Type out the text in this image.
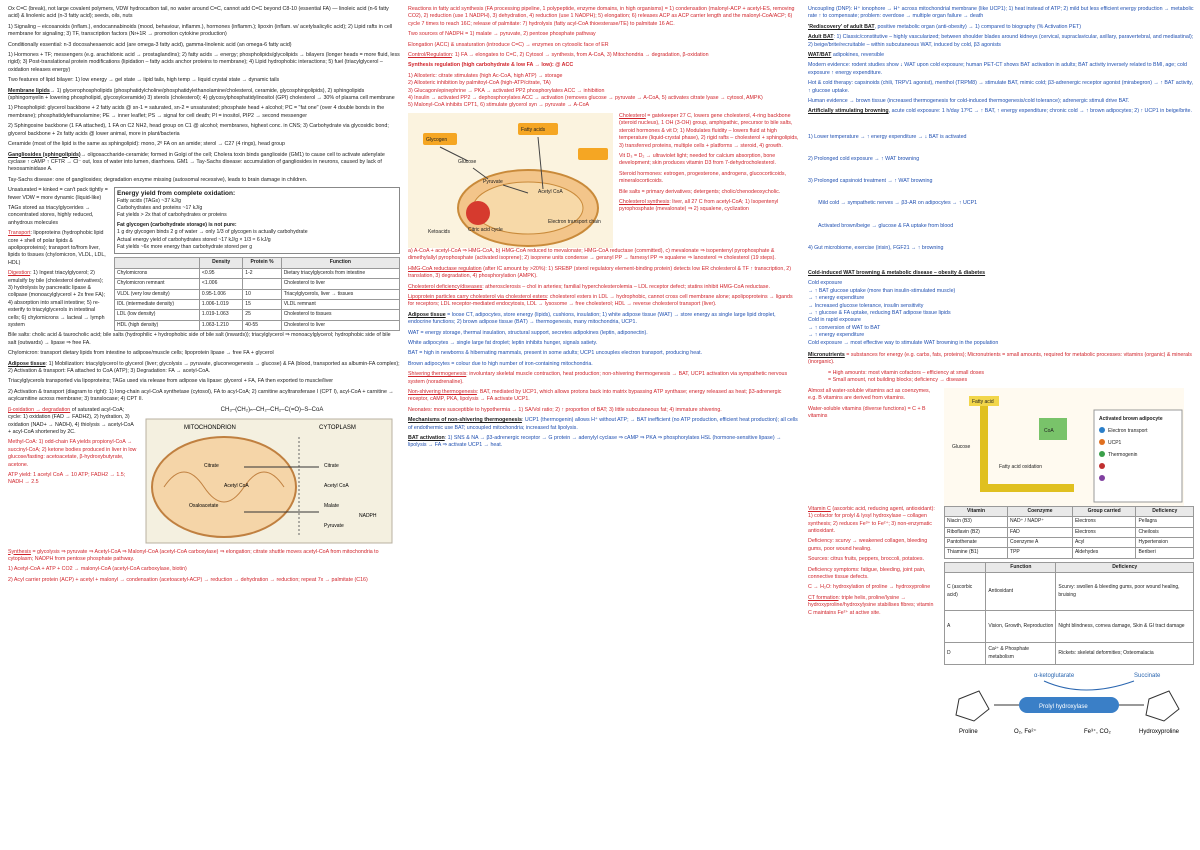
Ox C=C (break), not large covalent polymers, VDW hydrocarbon tail, no water around C=C, cannot add C=C beyond C8-10 (essential FA) — linoleic acid (n-6 fatty acid) & linolenic acid (n-3 fatty acid); seeds, oils, nuts

1) Signaling – eicosanoids (inflam.), endocannabinoids (mood, behaviour, inflamm.), hormones (inflamm.); lipoxin (inflam. w/ acetylsalicylic acid); 2) Lipid rafts in cell membrane for signaling; 3) TF, transcription factors (Nr+1R → promotion cytokine production)

Conditionally essential: n-3 docosahexaenoic acid (are omega-3 fatty acid), gamma-linolenic acid (an omega-6 fatty acid)

1) Hormones + TF; messengers (e.g. arachidonic acid → prostaglandins); 2) fatty acids → energy; phospholipids/glycolipids → bilayers (longer heads = more fluid, less rigid); 3) Post-translational protein modifications (lipidation – fatty acids anchor proteins to membrane); 4) Lipid hydrophobic interactions; 5) fuel (triacylglycerol – oxidation releases energy)

Two features of lipid bilayer: 1) low energy → gel state → lipid tails, high temp → liquid crystal state → dynamic tails

Membrane lipids→ 1) glycerophospholipids (phosphatidylcholine/phosphatidylethanolamine/cholesterol, ceramide, glycosphingolipids), 2) sphingolipids (sphingomyelin + lowering phospholipid, glycosylceramide) 3) sterols (cholesterol); 4) glycosylphosphatidylinositol (GPI) cholesterol → 30% of plasma cell membrane

1) Phospholipid: glycerol backbone + 2 fatty acids @ sn-1 = saturated, sn-2 = unsaturated; phosphate head + alcohol; PC = "fat one" (over 4 double bonds in the membrane); phosphatidylethanolamine; PE → inner leaflet; PS → signal for cell death; PI = inositol, PIP2 → second messenger

2) Sphingosine backbone (1 FA attached), 1 FA on C2 NH2, head group on C1 @ alcohol; membranes, highest conc. in CNS; 3) Carbohydrate via glycosidic bond; glycerol backbone + 2x fatty acids @ lower animal, more in plant/bacteria

Ceramide (most of the lipid is the same as sphingolipid): mono, 2º FA on an amide; sterol → C27 (4 rings), head group

Gangliosides (sphingolipids)→ oligosaccharide-ceramide; formed in Golgi of the cell; Cholera toxin binds ganglioside (GM1) to cause cell to activate adenylate cyclase ↑ cAMP ↑ CFTR → Cl⁻ out, loss of water into lumen, diarrhoea. GM1 → Tay-Sachs disease: accumulation of gangliosides in neurons, caused by lack of hexosaminidase A.

Tay-Sachs disease: one of gangliosides; degradation enzyme missing (autosomal recessive), leads to brain damage in children.

Unsaturated = kinked = can't pack tightly = fewer VDW = more dynamic (liquid-like)

TAGs stored as triacylglycerides → concentrated stores, highly reduced, anhydrous molecules

Transport: lipoproteins (hydrophobic lipid core + shell of polar lipids & apolipoproteins); transport to/from liver, lipids to tissues (chylomicron, VLDL, LDL, HDL)

Digestion: 1) Ingest triacylglycerol; 2) emulsify by bile (cholesterol derivatives); 3) hydrolysis by pancreatic lipase & colipase (monoacylglycerol + 2x free FA); 4) absorption into small intestine; 5) re-esterify to triacylglycerols in intestinal cells; 6) chylomicrons → lacteal → lymph system

Energy yield from complete oxidation:
Fatty acids (TAGs) ~37 kJ/g
Carbohydrates and proteins ~17 kJ/g
Fat yields > 2x that of carbohydrates or proteins
Fat glycogen (carbohydrate storage) is not pure:
1 g dry glycogen binds 2 g of water → only 1/3 of glycogen is actually carbohydrate
Actual energy yield of carbohydrates stored ~17 kJ/g × 1/3 ≈ 6 kJ/g
Fat yields ~6x more energy than carbohydrate stored per g
	Density	Protein %	Function
Chylomicrons	<0.95	1-2	Dietary triacylglycerols from intestine
Chylomicron remnant	<1.006		Cholesterol to liver
VLDL (very low density)	0.95-1.006	10	Triacylglycerols, liver → tissues
IDL (intermediate density)	1.006-1.019	15	VLDL remnant
LDL (low density)	1.019-1.063	25	Cholesterol to tissues
HDL (high density)	1.063-1.210	40-55	Cholesterol to liver

Bile salts: cholic acid & taurocholic acid; bile salts (hydrophilic + hydrophobic side of bile salt (inwards)); triacylglycerol ⇒ monoacylglycerol; hydrophobic side of bile salt (outwards) → lipase ⇒ free FA.

Chylomicron: transport dietary lipids from intestine to adipose/muscle cells; lipoprotein lipase → free FA + glycerol

Adipose tissue: 1) Mobilization: triacylglycerol to glycerol (liver; glycolysis → pyruvate, gluconeogenesis → glucose) & FA (blood, transported as albumin-FA complex); 2) Activation & transport: FA attached to CoA (ATP); 3) Degradation: FA → acetyl-CoA.

Triacylglycerols transported via lipoproteins; TAGs used via release from adipose via lipase: glycerol + FA, FA then exported to muscle/liver

2) Activation & transport (diagram to right): 1) long-chain acyl-CoA synthetase (cytosol), FA to acyl-CoA; 2) carnitine acyltransferase I (CPT I), acyl-CoA + carnitine → acylcarnitine across membrane; 3) translocase; 4) CPT II.

β-oxidation → degradation of saturated acyl-CoA; cycle: 1) oxidation (FAD → FADH2), 2) hydration, 3) oxidation (NAD+ → NADH), 4) thiolysis → acetyl-CoA + acyl-CoA shortened by 2C.

Methyl-CoA: 1) odd-chain FA yields propionyl-CoA → succinyl-CoA; 2) ketone bodies produced in liver in low glucose/fasting: acetoacetate, β-hydroxybutyrate, acetone.

ATP yield: 1 acetyl CoA → 10 ATP; FADH2 → 1.5; NADH → 2.5

CH₃–(CH₂)ₙ–CH₂–CH₂–C(=O)–S–CoA
MITOCHONDRION	CYTOPLASM
Citrate
Oxaloacetate
Acetyl CoA
Citrate
Acetyl CoA
Malate
Pyruvate
NADPH

Synthesis = glycolysis ⇒ pyruvate ⇒ Acetyl-CoA ⇒ Malonyl-CoA (acetyl-CoA carboxylase) ⇒ elongation; citrate shuttle moves acetyl-CoA from mitochondria to cytoplasm; NADPH from pentose phosphate pathway.

1) Acetyl-CoA + ATP + CO2 → malonyl-CoA (acetyl-CoA carboxylase, biotin)

2) Acyl carrier protein (ACP) + acetyl + malonyl → condensation (acetoacetyl-ACP) → reduction → dehydration → reduction; repeat 7x → palmitate (C16)

Reactions in fatty acid synthesis (FA processing pipeline, 1 polypeptide, enzyme domains, in high organisms) = 1) condensation (malonyl-ACP + acetyl-ES, removing CO2), 2) reduction (use 1 NADPH), 3) dehydration, 4) reduction (use 1 NADPH); 5) elongation; 6) releases ACP as ACP carrier length and the malonyl-CoA/ACP; 6) cycle 7 times to reach 16C; release of palmitate: 7) hydrolysis (fatty acyl-CoA thioesterase/TE) to palmitate 16 AC.

Two sources of NADPH = 1) malate → pyruvate, 2) pentose phosphate pathway

Elongation (ACC) & unsaturation (introduce C=C) → enzymes on cytosolic face of ER

Control/Regulation: 1) FA → elongates to C=C, 2) Cytosol → synthesis, from A-CoA, 3) Mitochondria → degradation, β-oxidation

Synthesis regulation (high carbohydrate & low FA → low): @ ACC

1) Allosteric: citrate stimulates (high Ac-CoA, high ATP) → storage
2) Allosteric inhibition by palmitoyl-CoA (high-ATP/citrate, TA)
3) Glucagon/epinephrine → PKA → activated PP2 phosphorylates ACC → inhibition
4) Insulin → activated PP2 → dephosphorylates ACC → activation (removes glucose → pyruvate → A-CoA, 5) activates citrate lyase → cytosol, AMPK)
5) Malonyl-CoA inhibits CPT1, 6) stimulate glycerol syn → pyruvate → A-CoA
Glycogen
Glucose
Pyruvate
Fatty acids
Acetyl CoA
Ketoacids	Citric acid cycle
Electron transport chain

Cholesterol = gatekeeper 27 C, lowers gene cholesterol, 4-ring backbone (steroid nucleus), 1 OH (3-OH) group, amphipathic, precursor to bile salts, steroid hormones & vit D; 1) Modulates fluidity – lowers fluid at high temperature (liquid-crystal phase), 2) rigid rafts – cholesterol + sphingolipids, 3) transferred proteins, multiple cells + platforms → steroid, 4) growth.

Vit D₃ = D₂ → ultraviolet light; needed for calcium absorption, bone development; skin produces vitamin D3 from 7-dehydrocholesterol.

Steroid hormones: estrogen, progesterone, androgens, glucocorticoids, mineralocorticoids.

Bile salts = primary derivatives; detergents; cholic/chenodeoxycholic.

Cholesterol synthesis: liver, all 27 C from acetyl-CoA; 1) Isopentenyl pyrophosphate (mevalonate) ⇒ 2) squalene, cyclization

a) A-CoA + acetyl-CoA ⇒ HMG-CoA, b) HMG-CoA reduced to mevalonate; HMG-CoA reductase (committed), c) mevalonate ⇒ isopentenyl pyrophosphate & dimethylallyl pyrophosphate (activated isoprene); 2) isoprene units condense → geranyl PP → farnesyl PP ⇒ squalene ⇒ lanosterol ⇒ cholesterol (19 steps).

HMG-CoA reductase regulation (after IC amount by >20%): 1) SREBP (sterol regulatory element-binding protein) detects low ER cholesterol & TF ↑ transcription, 2) translation, 3) degradation, 4) phosphorylation (AMPK).

Cholesterol deficiency/diseases: atherosclerosis – chol in arteries; familial hypercholesterolemia – LDL receptor defect; statins inhibit HMG-CoA reductase.

Lipoprotein particles carry cholesterol via cholesterol esters: cholesterol esters in LDL → hydrophobic, cannot cross cell membrane alone; apolipoproteins → ligands for receptors; LDL receptor-mediated endocytosis, LDL → lysosome → free cholesterol; HDL → reverse cholesterol transport (liver).

Adipose tissue = loose CT, adipocytes, store energy (lipids), cushions, insulation; 1) white adipose tissue (WAT) → store energy as single large lipid droplet, endocrine functions; 2) brown adipose tissue (BAT) → thermogenesis, many mitochondria, UCP1.

WAT = energy storage, thermal insulation, structural support, secretes adipokines (leptin, adiponectin).

White adipocytes → single large fat droplet; leptin inhibits hunger, signals satiety.

BAT = high in newborns & hibernating mammals, present in some adults; UCP1 uncouples electron transport, producing heat.

Brown adipocytes = colour due to high number of iron-containing mitochondria.

Shivering thermogenesis: involuntary skeletal muscle contraction, heat production; non-shivering thermogenesis → BAT, UCP1 activation via sympathetic nervous system (noradrenaline).

Non-shivering thermogenesis: BAT, mediated by UCP1, which allows protons back into matrix bypassing ATP synthase; energy released as heat; β3-adrenergic receptor, cAMP, PKA, lipolysis → FA activate UCP1.

Neonates: more susceptible to hypothermia → 1) SA/Vol ratio; 2) ↑ proportion of BAT; 3) little subcutaneous fat; 4) immature shivering.

Mechanisms of non-shivering thermogenesis: UCP1 (thermogenin) allows H⁺ without ATP; → BAT inefficient (no ATP production, efficient heat production); all cells of endothermic use BAT; uncoupled mitochondria; increased fat lipolysis.

BAT activation: 1) SNS & NA → β3-adrenergic receptor → G protein → adenylyl cyclase ⇒ cAMP ⇒ PKA ⇒ phosphorylates HSL (hormone-sensitive lipase) → lipolysis → FA ⇒ activate UCP1 → heat.

Uncoupling (DNP): H⁺ ionophore → H⁺ across mitochondrial membrane (like UCP1); 1) heat instead of ATP; 2) mild but less efficient energy production → metabolic rate ↑ to compensate; problem: overdose → multiple organ failure → death

'Rediscovery' of adult BAT, positive metabolic organ (anti-obesity) → 1) compared to biography (% Activation PET)

Adult BAT: 1) Classic/constitutive – highly vascularized; between shoulder blades around kidneys (cervical, supraclavicular, axillary, paravertebral, and mediastinal); 2) beige/brite/recruitable – within subcutaneous WAT, induced by cold, β3 agonists

WAT/BAT adipokines, reversible

Modern evidence: rodent studies show ↓ WAT upon cold exposure; human PET-CT shows BAT activation in adults; BAT activity inversely related to BMI, age; cold exposure ↑ energy expenditure.

Hot & cold therapy: capsinoids (chili, TRPV1 agonist), menthol (TRPM8) → stimulate BAT, mimic cold; β3-adrenergic receptor agonist (mirabegron) → ↑ BAT activity, ↑ glucose uptake.

Human evidence → brown tissue (increased thermogenesis for cold-induced thermogenesis/cold tolerance); adrenergic stimuli drive BAT.

Artificially stimulating browning, acute cold exposure: 1 h/day 17ºC → ↑ BAT, ↑ energy expenditure; chronic cold → ↑ brown adipocytes; 2) ↑ UCP1 in beige/brite.

1) Lower temperature → ↑ energy expenditure → ↓ BAT is activated

2) Prolonged cold exposure → ↑ WAT browning

3) Prolonged capsinoid treatment → ↑ WAT browning

Mild cold → sympathetic nerves → β3-AR on adipocytes → ↑ UCP1

Activated brown/beige → glucose & FA uptake from blood

4) Gut microbiome, exercise (irisin), FGF21 → ↑ browning

Cold-induced WAT browning & metabolic disease – obesity & diabetes

Cold exposure
→ ↑ BAT glucose uptake (more than insulin-stimulated muscle)
→ ↑ energy expenditure
→ Increased glucose tolerance, insulin sensitivity
→ ↑ glucose & FA uptake, reducing BAT adipose tissue lipids
Cold in rapid exposure
→ ↑ conversion of WAT to BAT
→ ↑ energy expenditure
Cold exposure → most effective way to stimulate WAT browning in the population

Micronutrients = substances for energy (e.g. carbs, fats, proteins); Micronutrients = small amounts, required for metabolic processes: vitamins (organic) & minerals (inorganic).

= High amounts: most vitamin cofactors – efficiency at small doses
= Small amount, not building blocks; deficiency → diseases

Almost all water-soluble vitamins act as coenzymes, e.g. B vitamins are derived from vitamins.

Water-soluble vitamins (diverse functions) = C + B vitamins

Fatty acid
Glucose
Fatty acid oxidation
CoA	Electron transport
UCP1
Thermogenin
Activated brown adipocyte

Vitamin C (ascorbic acid, reducing agent, antioxidant): 1) cofactor for prolyl & lysyl hydroxylase – collagen synthesis; 2) reduces Fe³⁺ to Fe²⁺; 3) non-enzymatic antioxidant.

Deficiency: scurvy → weakened collagen, bleeding gums, poor wound healing.

Sources: citrus fruits, peppers, broccoli, potatoes.

Deficiency symptoms: fatigue, bleeding, joint pain, connective tissue defects.

C → H₂O: hydroxylation of proline → hydroxyproline

CT formation: triple helix, proline/lysine → hydroxyproline/hydroxylysine stabilises fibres; vitamin C maintains Fe²⁺ at active site.

Vitamin	Coenzyme	Group carried	Deficiency
Niacin (B3)	NAD⁺ / NADP⁺	Electrons	Pellagra
Riboflavin (B2)	FAD	Electrons	Cheilosis
Pantothenate	Coenzyme A	Acyl	Hypertension
Thiamine (B1)	TPP	Aldehydes	Beriberi
	Function	Deficiency
C (ascorbic acid)	Antioxidant	Scurvy: swollen & bleeding gums, poor wound healing, bruising
A	Vision, Growth, Reproduction	Night blindness, cornea damage, Skin & GI tract damage
D	Ca²⁺ & Phosphate metabolism	Rickets: skeletal deformities; Osteomalacia
α-ketoglutarate	Succinate
Prolyl hydroxylase
Proline	O₂, Fe²⁺	Fe³⁺, CO₂	Hydroxyproline
